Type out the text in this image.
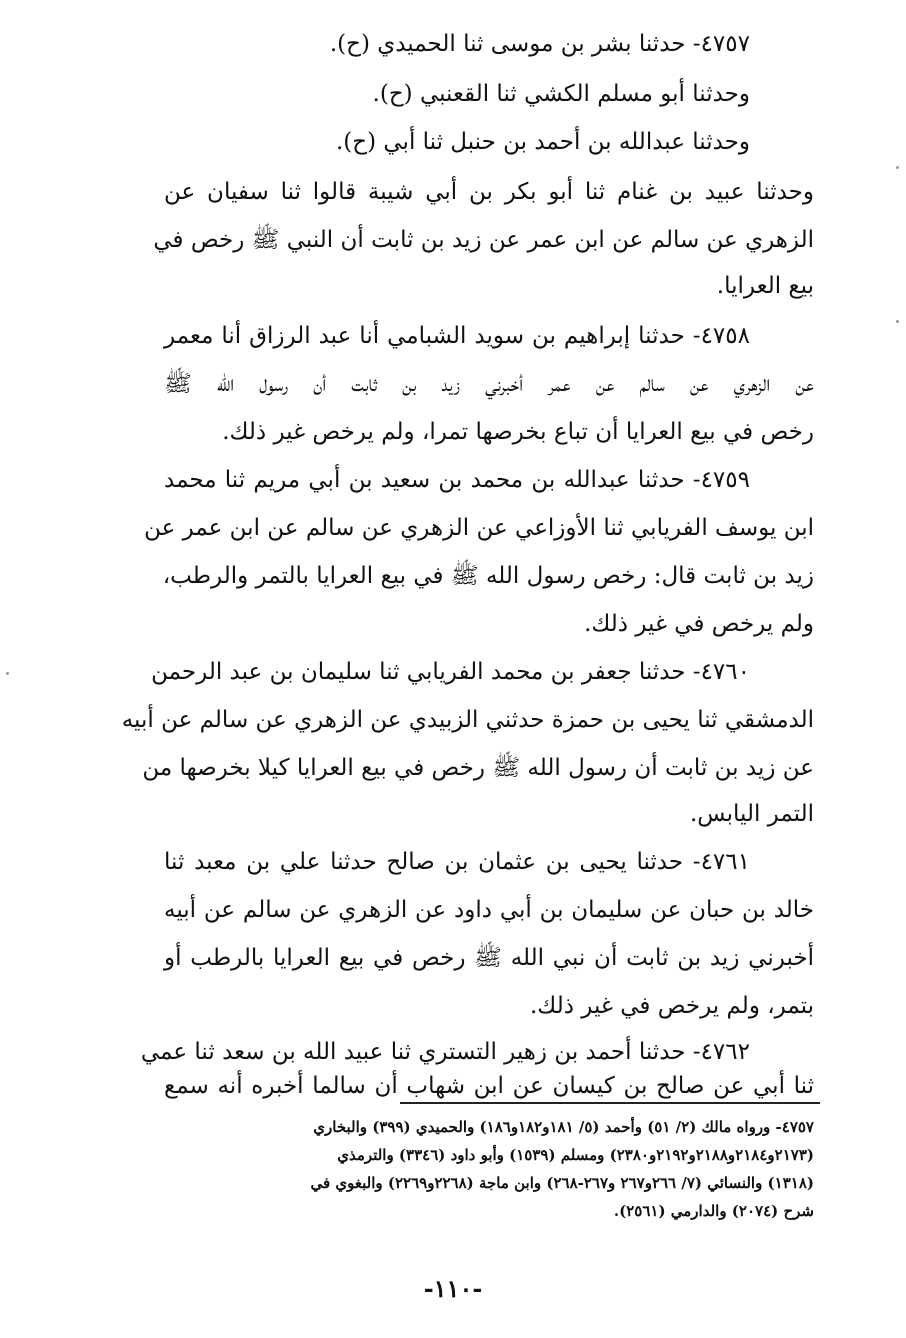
٤٧٥٧- حدثنا بشر بن موسى ثنا الحميدي (ح).
وحدثنا أبو مسلم الكشي ثنا القعنبي (ح).
وحدثنا عبدالله بن أحمد بن حنبل ثنا أبي (ح).
وحدثنا عبيد بن غنام ثنا أبو بكر بن أبي شيبة قالوا ثنا سفيان عن
الزهري عن سالم عن ابن عمر عن زيد بن ثابت أن النبي ﷺ رخص في
بيع العرايا.
٤٧٥٨- حدثنا إبراهيم بن سويد الشبامي أنا عبد الرزاق أنا معمر
عن الزهري عن سالم عن عمر أخبرني زيد بن ثابت أن رسول الله ﷺ
رخص في بيع العرايا أن تباع بخرصها تمرا، ولم يرخص غير ذلك.
٤٧٥٩- حدثنا عبدالله بن محمد بن سعيد بن أبي مريم ثنا محمد
ابن يوسف الفريابي ثنا الأوزاعي عن الزهري عن سالم عن ابن عمر عن
زيد بن ثابت قال: رخص رسول الله ﷺ في بيع العرايا بالتمر والرطب،
ولم يرخص في غير ذلك.
٤٧٦٠- حدثنا جعفر بن محمد الفريابي ثنا سليمان بن عبد الرحمن
الدمشقي ثنا يحيى بن حمزة حدثني الزبيدي عن الزهري عن سالم عن أبيه
عن زيد بن ثابت أن رسول الله ﷺ رخص في بيع العرايا كيلا بخرصها من
التمر اليابس.
٤٧٦١- حدثنا يحيى بن عثمان بن صالح حدثنا علي بن معبد ثنا
خالد بن حبان عن سليمان بن أبي داود عن الزهري عن سالم عن أبيه
أخبرني زيد بن ثابت أن نبي الله ﷺ رخص في بيع العرايا بالرطب أو
بتمر، ولم يرخص في غير ذلك.
٤٧٦٢- حدثنا أحمد بن زهير التستري ثنا عبيد الله بن سعد ثنا عمي
ثنا أبي عن صالح بن كيسان عن ابن شهاب أن سالما أخبره أنه سمع
٤٧٥٧- ورواه مالك (٢/ ٥١) وأحمد (٥/ ١٨١و١٨٢و١٨٦) والحميدي (٣٩٩) والبخاري
(٢١٧٣و٢١٨٤و٢١٨٨و٢١٩٢و٢٣٨٠) ومسلم (١٥٣٩) وأبو داود (٣٣٤٦) والترمذي
(١٣١٨) والنسائي (٧/ ٢٦٦و٢٦٧ و٢٦٧-٢٦٨) وابن ماجة (٢٢٦٨و٢٢٦٩) والبغوي في
شرح (٢٠٧٤) والدارمي (٢٥٦١).
-١١٠-
